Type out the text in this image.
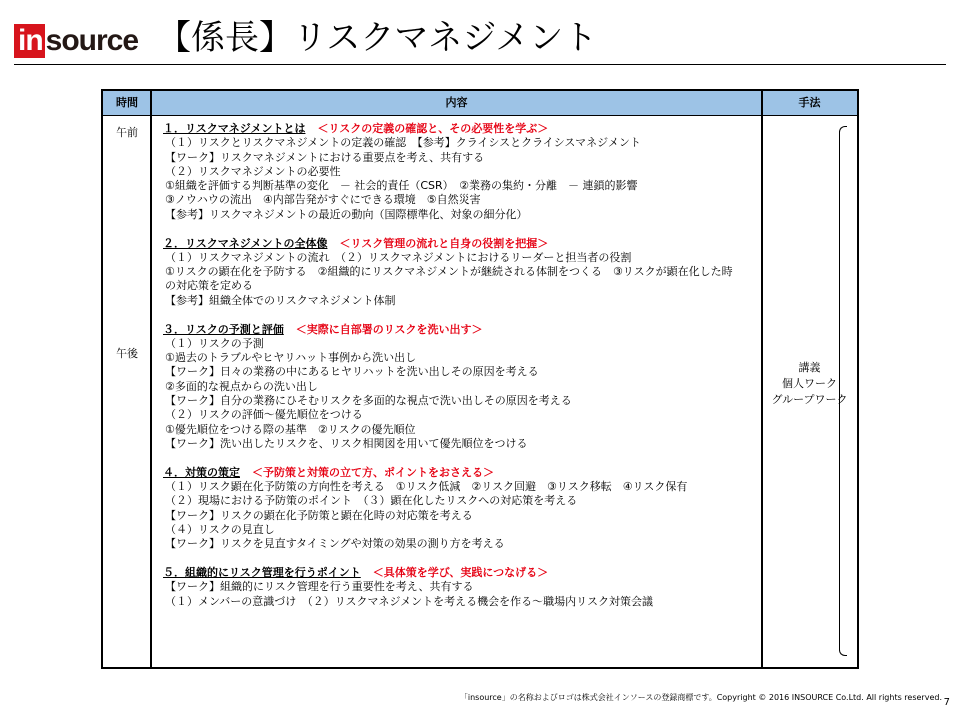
in source 【係長】リスクマネジメント
時間	内容	手法
午前
午後
１．リスクマネジメントとは ＜リスクの定義の確認と、その必要性を学ぶ＞
（１）リスクとリスクマネジメントの定義の確認　【参考】クライシスとクライシスマネジメント
【ワーク】リスクマネジメントにおける重要点を考え、共有する
（２）リスクマネジメントの必要性
①組織を評価する判断基準の変化　－ 社会的責任（CSR）　②業務の集約・分離　－ 連鎖的影響
③ノウハウの流出　④内部告発がすぐにできる環境　⑤自然災害
【参考】リスクマネジメントの最近の動向（国際標準化、対象の細分化）
２．リスクマネジメントの全体像 ＜リスク管理の流れと自身の役割を把握＞
（１）リスクマネジメントの流れ　（２）リスクマネジメントにおけるリーダーと担当者の役割
①リスクの顕在化を予防する　②組織的にリスクマネジメントが継続される体制をつくる　③リスクが顕在化した時
の対応策を定める
【参考】組織全体でのリスクマネジメント体制
３．リスクの予測と評価 ＜実際に自部署のリスクを洗い出す＞
（１）リスクの予測
①過去のトラブルやヒヤリハット事例から洗い出し
【ワーク】日々の業務の中にあるヒヤリハットを洗い出しその原因を考える
②多面的な視点からの洗い出し
【ワーク】自分の業務にひそむリスクを多面的な視点で洗い出しその原因を考える
（２）リスクの評価～優先順位をつける
①優先順位をつける際の基準　②リスクの優先順位
【ワーク】洗い出したリスクを、リスク相関図を用いて優先順位をつける
４．対策の策定 ＜予防策と対策の立て方、ポイントをおさえる＞
（１）リスク顕在化予防策の方向性を考える　①リスク低減　②リスク回避　③リスク移転　④リスク保有
（２）現場における予防策のポイント　（３）顕在化したリスクへの対応策を考える
【ワーク】リスクの顕在化予防策と顕在化時の対応策を考える
（４）リスクの見直し
【ワーク】リスクを見直すタイミングや対策の効果の測り方を考える
５．組織的にリスク管理を行うポイント ＜具体策を学び、実践につなげる＞
【ワーク】組織的にリスク管理を行う重要性を考え、共有する
（１）メンバーの意識づけ　（２）リスクマネジメントを考える機会を作る～職場内リスク対策会議
講義
個人ワーク
グループワーク
「insource」の名称およびロゴは株式会社インソースの登録商標です。Copyright © 2016 INSOURCE Co.Ltd. All rights reserved. 7
